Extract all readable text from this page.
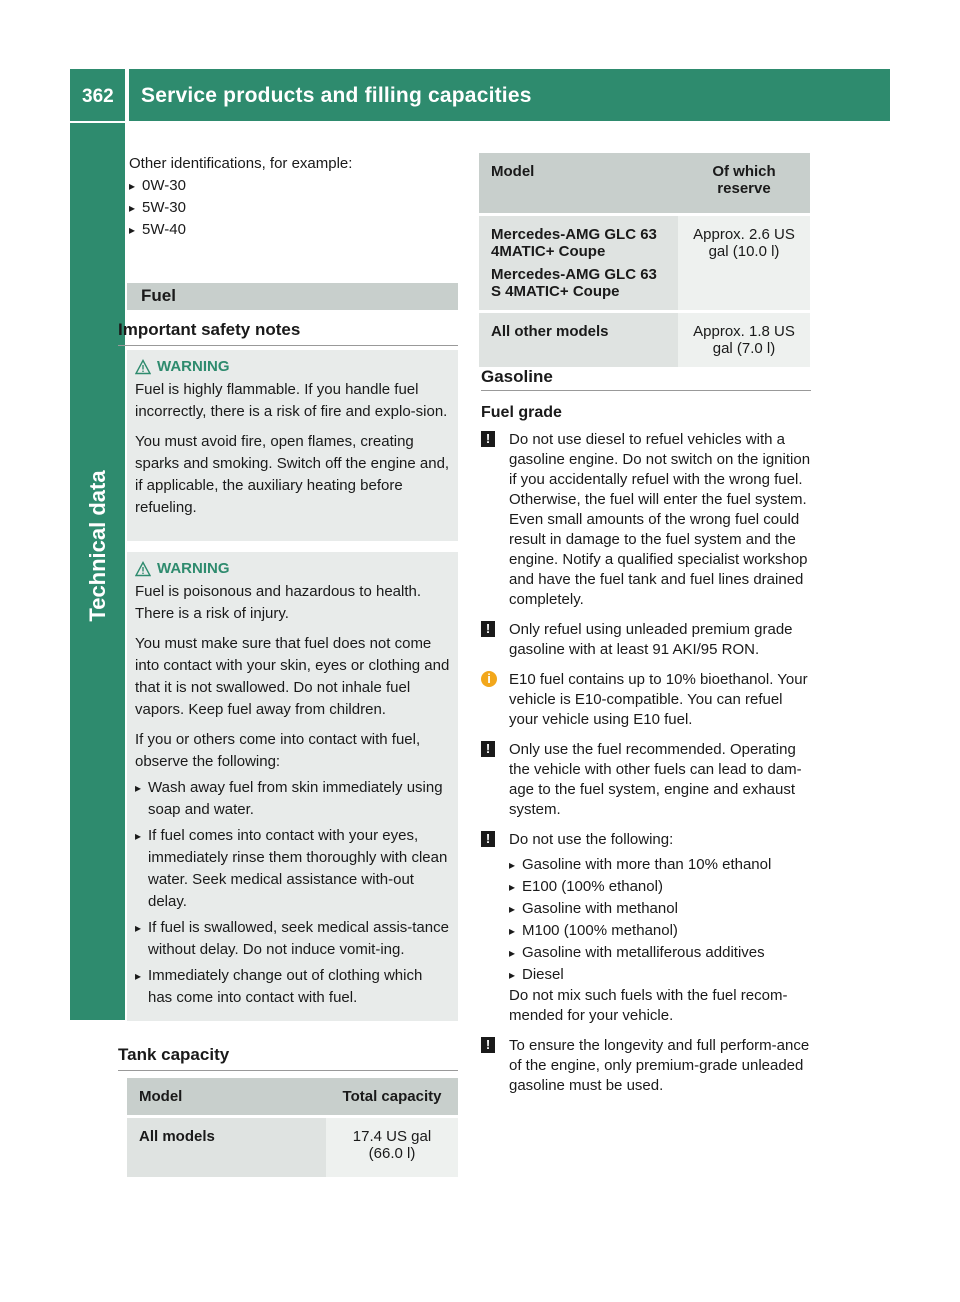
362 Service products and filling capacities
Technical data
Other identifications, for example:
▸ 0W-30
▸ 5W-30
▸ 5W-40
Fuel
Important safety notes
WARNING

Fuel is highly flammable. If you handle fuel incorrectly, there is a risk of fire and explo-sion.

You must avoid fire, open flames, creating sparks and smoking. Switch off the engine and, if applicable, the auxiliary heating before refueling.

WARNING

Fuel is poisonous and hazardous to health. There is a risk of injury.

You must make sure that fuel does not come into contact with your skin, eyes or clothing and that it is not swallowed. Do not inhale fuel vapors. Keep fuel away from children.

If you or others come into contact with fuel, observe the following:

▸ Wash away fuel from skin immediately using soap and water.
▸ If fuel comes into contact with your eyes, immediately rinse them thoroughly with clean water. Seek medical assistance with-out delay.
▸ If fuel is swallowed, seek medical assis-tance without delay. Do not induce vomit-ing.
▸ Immediately change out of clothing which has come into contact with fuel.
Tank capacity
Model	Total capacity
All models	17.4 US gal (66.0 l)
Model	Of which reserve

Mercedes-AMG GLC 63 4MATIC+ Coupe
Mercedes-AMG GLC 63 S 4MATIC+ Coupe	Approx. 2.6 US gal (10.0 l)
All other models	Approx. 1.8 US gal (7.0 l)
Gasoline
Fuel grade
!	Do not use diesel to refuel vehicles with a gasoline engine. Do not switch on the ignition if you accidentally refuel with the wrong fuel. Otherwise, the fuel will enter the fuel system. Even small amounts of the wrong fuel could result in damage to the fuel system and the engine. Notify a qualified specialist workshop and have the fuel tank and fuel lines drained completely.
!	Only refuel using unleaded premium grade gasoline with at least 91 AKI/95 RON.
i	E10 fuel contains up to 10% bioethanol. Your vehicle is E10-compatible. You can refuel your vehicle using E10 fuel.
!	Only use the fuel recommended. Operating the vehicle with other fuels can lead to dam-age to the fuel system, engine and exhaust system.
!	Do not use the following:
▸ Gasoline with more than 10% ethanol
▸ E100 (100% ethanol)
▸ Gasoline with methanol
▸ M100 (100% methanol)
▸ Gasoline with metalliferous additives
▸ Diesel
Do not mix such fuels with the fuel recom-mended for your vehicle.
!	To ensure the longevity and full perform-ance of the engine, only premium-grade unleaded gasoline must be used.
